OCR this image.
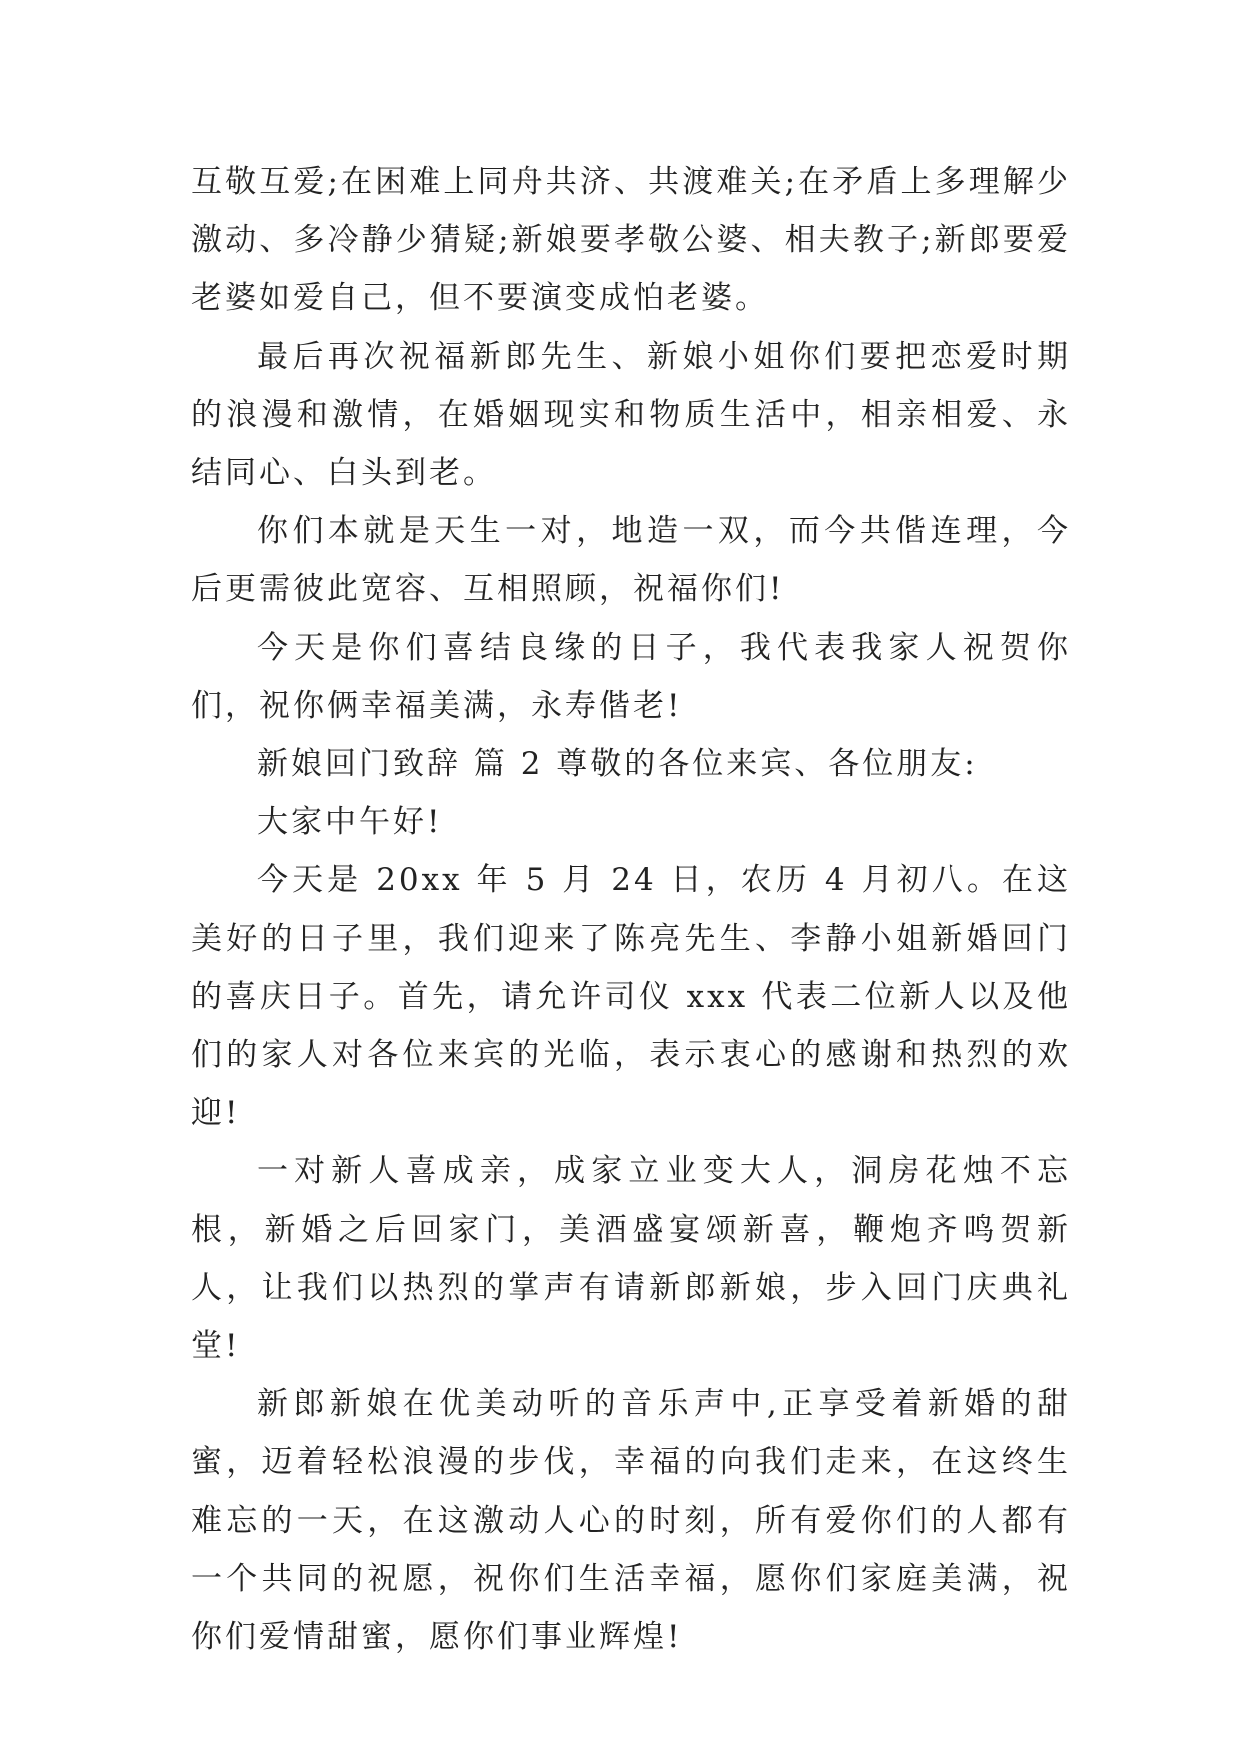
互敬互爱;在困难上同舟共济、共渡难关;在矛盾上多理解少激动、多冷静少猜疑;新娘要孝敬公婆、相夫教子;新郎要爱老婆如爱自己，但不要演变成怕老婆。

最后再次祝福新郎先生、新娘小姐你们要把恋爱时期的浪漫和激情，在婚姻现实和物质生活中，相亲相爱、永结同心、白头到老。

你们本就是天生一对，地造一双，而今共偕连理，今后更需彼此宽容、互相照顾，祝福你们!

今天是你们喜结良缘的日子，我代表我家人祝贺你们，祝你俩幸福美满，永寿偕老!

新娘回门致辞 篇 2 尊敬的各位来宾、各位朋友:

大家中午好!

今天是 20xx 年 5 月 24 日，农历 4 月初八。在这美好的日子里，我们迎来了陈亮先生、李静小姐新婚回门的喜庆日子。首先，请允许司仪 xxx 代表二位新人以及他们的家人对各位来宾的光临，表示衷心的感谢和热烈的欢迎!

一对新人喜成亲，成家立业变大人，洞房花烛不忘根，新婚之后回家门，美酒盛宴颂新喜，鞭炮齐鸣贺新人，让我们以热烈的掌声有请新郎新娘，步入回门庆典礼堂!

新郎新娘在优美动听的音乐声中,正享受着新婚的甜蜜，迈着轻松浪漫的步伐，幸福的向我们走来，在这终生难忘的一天，在这激动人心的时刻，所有爱你们的人都有一个共同的祝愿，祝你们生活幸福，愿你们家庭美满，祝你们爱情甜蜜，愿你们事业辉煌!
